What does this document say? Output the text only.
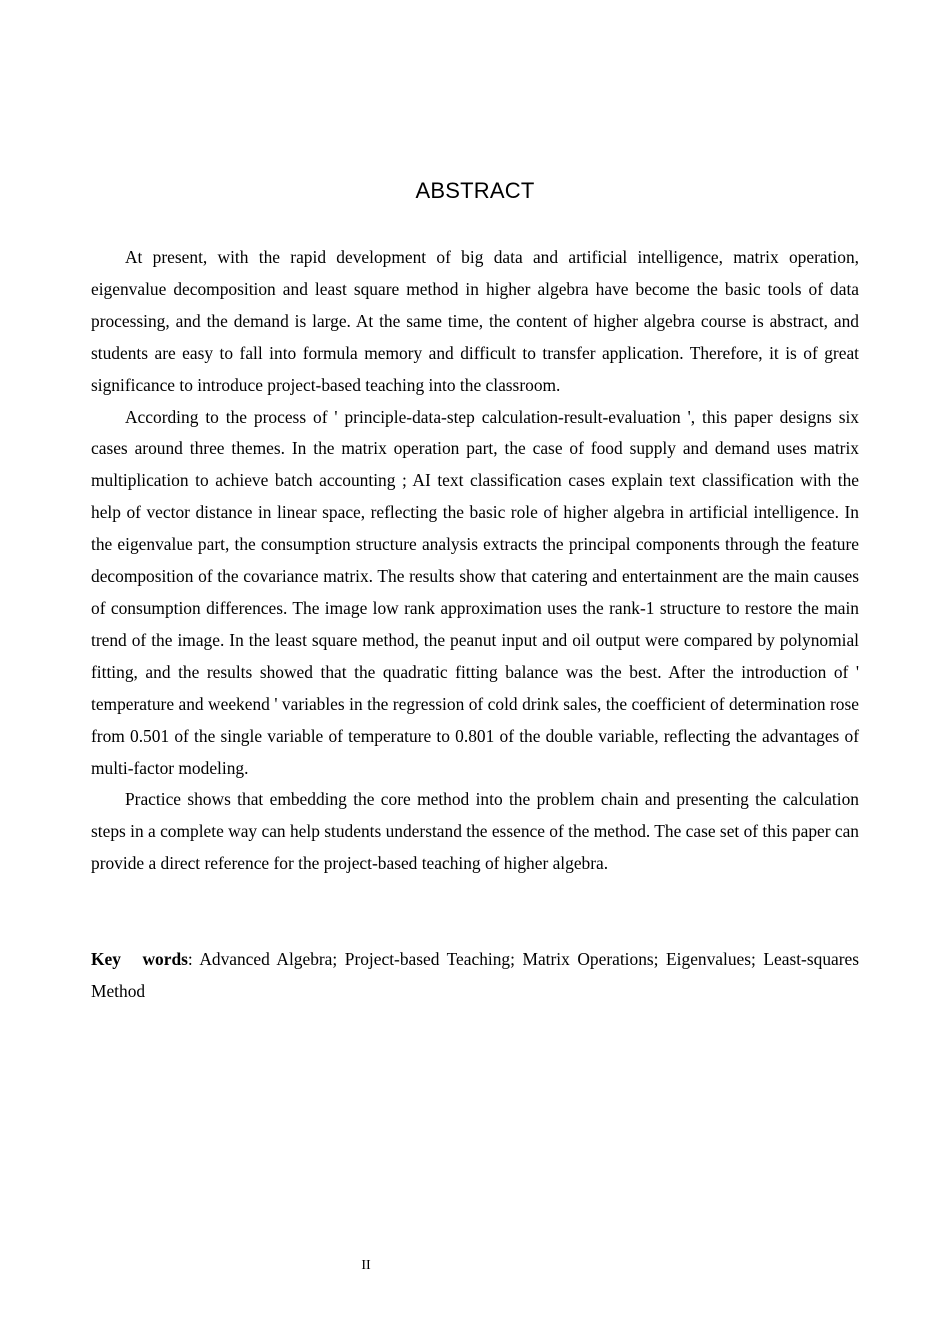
ABSTRACT

At present, with the rapid development of big data and artificial intelligence, matrix operation, eigenvalue decomposition and least square method in higher algebra have become the basic tools of data processing, and the demand is large. At the same time, the content of higher algebra course is abstract, and students are easy to fall into formula memory and difficult to transfer application. Therefore, it is of great significance to introduce project-based teaching into the classroom.

According to the process of ' principle-data-step calculation-result-evaluation ', this paper designs six cases around three themes. In the matrix operation part, the case of food supply and demand uses matrix multiplication to achieve batch accounting ; AI text classification cases explain text classification with the help of vector distance in linear space, reflecting the basic role of higher algebra in artificial intelligence. In the eigenvalue part, the consumption structure analysis extracts the principal components through the feature decomposition of the covariance matrix. The results show that catering and entertainment are the main causes of consumption differences. The image low rank approximation uses the rank-1 structure to restore the main trend of the image. In the least square method, the peanut input and oil output were compared by polynomial fitting, and the results showed that the quadratic fitting balance was the best. After the introduction of ' temperature and weekend ' variables in the regression of cold drink sales, the coefficient of determination rose from 0.501 of the single variable of temperature to 0.801 of the double variable, reflecting the advantages of multi-factor modeling.

Practice shows that embedding the core method into the problem chain and presenting the calculation steps in a complete way can help students understand the essence of the method. The case set of this paper can provide a direct reference for the project-based teaching of higher algebra.

Key words: Advanced Algebra; Project-based Teaching; Matrix Operations; Eigenvalues; Least-squares Method

II
